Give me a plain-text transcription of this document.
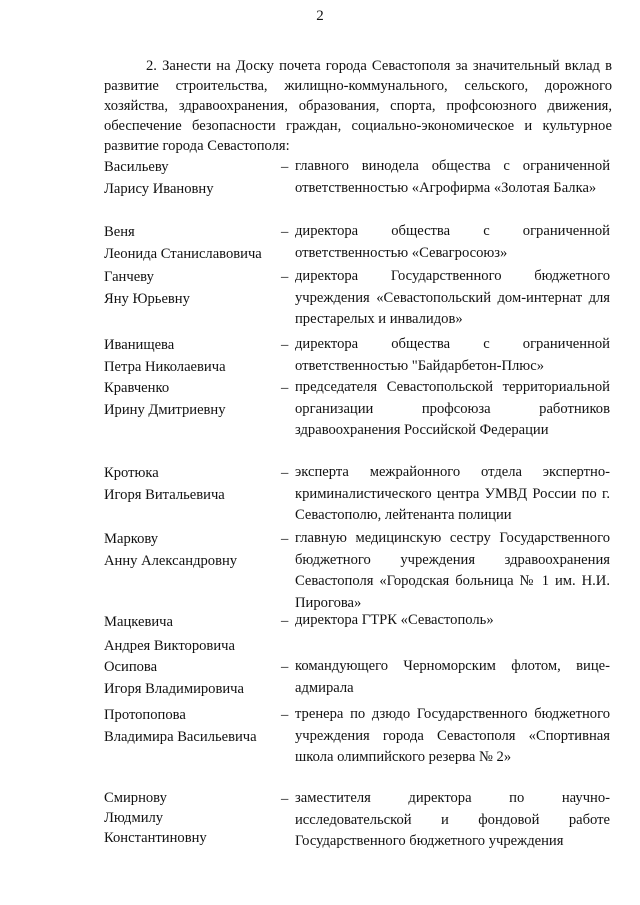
2
2. Занести на Доску почета города Севастополя за значительный вклад в развитие строительства, жилищно-коммунального, сельского, дорожного хозяйства, здравоохранения, образования, спорта, профсоюзного движения, обеспечение безопасности граждан, социально-экономическое и культурное развитие города Севастополя:
Васильеву
Ларису Ивановну
– главного винодела общества с ограниченной ответственностью «Агрофирма «Золотая Балка»
Веня
Леонида Станиславовича
– директора общества с ограниченной ответственностью «Севагросоюз»
Ганчеву
Яну Юрьевну
– директора Государственного бюджетного учреждения «Севастопольский дом-интернат для престарелых и инвалидов»
Иванищева
Петра Николаевича
– директора общества с ограниченной ответственностью "Байдарбетон-Плюс»
Кравченко
Ирину Дмитриевну
– председателя Севастопольской территориальной организации профсоюза работников здравоохранения Российской Федерации
Кротюка
Игоря Витальевича
– эксперта межрайонного отдела экспертно-криминалистического центра УМВД России по г. Севастополю, лейтенанта полиции
Маркову
Анну Александровну
– главную медицинскую сестру Государственного бюджетного учреждения здравоохранения Севастополя «Городская больница № 1 им. Н.И. Пирогова»
Мацкевича
Андрея Викторовича
– директора ГТРК «Севастополь»
Осипова
Игоря Владимировича
– командующего Черноморским флотом, вице-адмирала
Протопопова
Владимира Васильевича
– тренера по дзюдо Государственного бюджетного учреждения города Севастополя «Спортивная школа олимпийского резерва № 2»
Смирнову
Людмилу
Константиновну
– заместителя директора по научно-исследовательской и фондовой работе Государственного бюджетного учреждения
